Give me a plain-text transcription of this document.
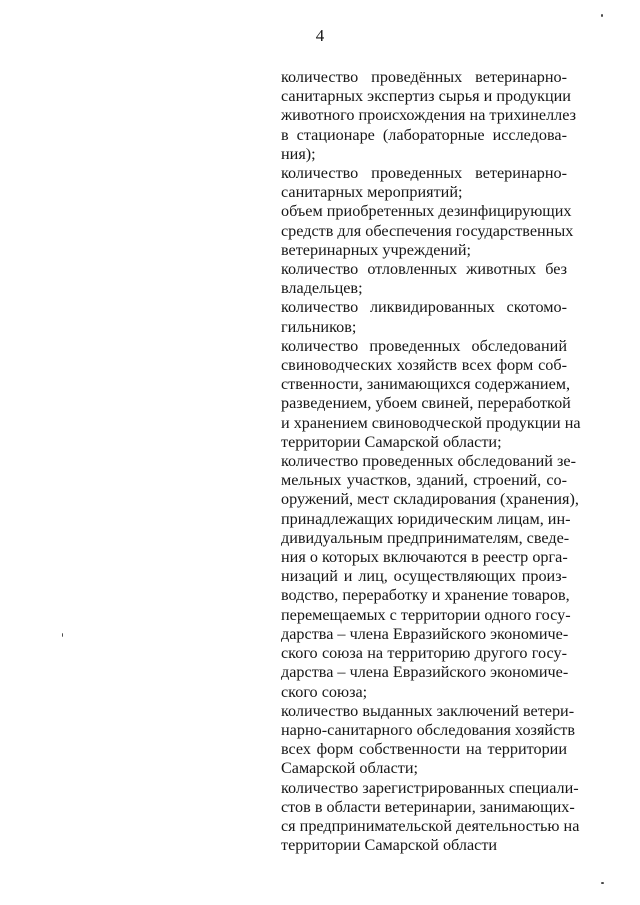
4
количество проведённых ветеринарно-
санитарных экспертиз сырья и продукции
животного происхождения на трихинеллез
в стационаре (лабораторные исследова-
ния);
количество проведенных ветеринарно-
санитарных мероприятий;
объем приобретенных дезинфицирующих
средств для обеспечения государственных
ветеринарных учреждений;
количество отловленных животных без
владельцев;
количество ликвидированных скотомо-
гильников;
количество проведенных обследований
свиноводческих хозяйств всех форм соб-
ственности, занимающихся содержанием,
разведением, убоем свиней, переработкой
и хранением свиноводческой продукции на
территории Самарской области;
количество проведенных обследований зе-
мельных участков, зданий, строений, со-
оружений, мест складирования (хранения),
принадлежащих юридическим лицам, ин-
дивидуальным предпринимателям, сведе-
ния о которых включаются в реестр орга-
низаций и лиц, осуществляющих произ-
водство, переработку и хранение товаров,
перемещаемых с территории одного госу-
дарства – члена Евразийского экономиче-
ского союза на территорию другого госу-
дарства – члена Евразийского экономиче-
ского союза;
количество выданных заключений ветери-
нарно-санитарного обследования хозяйств
всех форм собственности на территории
Самарской области;
количество зарегистрированных специали-
стов в области ветеринарии, занимающих-
ся предпринимательской деятельностью на
территории Самарской области
